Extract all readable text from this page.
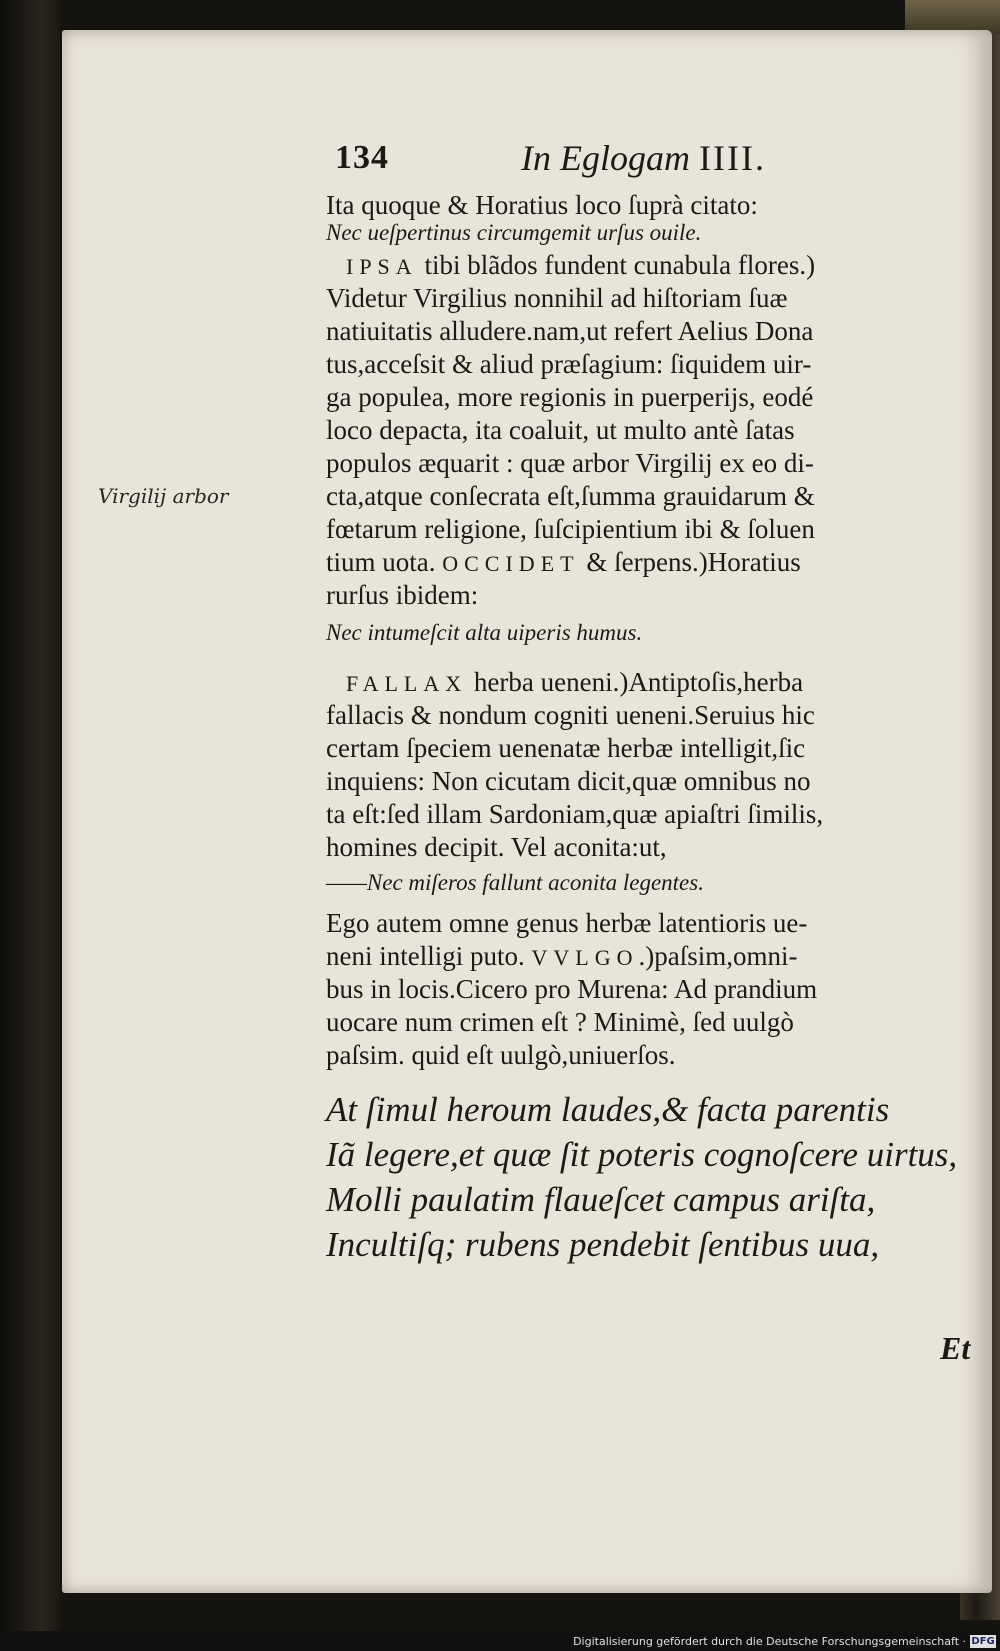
134	In Eglogam IIII.
Virgilij arbor
Ita quoque & Horatius loco ſuprà citato:
Nec ueſpertinus circumgemit urſus ouile.
IPSA tibi blãdos fundent cunabula flores.)
Videtur Virgilius nonnihil ad hiſtoriam ſuæ
natiuitatis alludere.nam,ut refert Aelius Dona
tus,acceſsit & aliud præſagium: ſiquidem uir-
ga populea, more regionis in puerperijs, eodé
loco depacta, ita coaluit, ut multo antè ſatas
populos æquarit : quæ arbor Virgilij ex eo di-
cta,atque conſecrata eſt,ſumma grauidarum &
fœtarum religione, ſuſcipientium ibi & ſoluen
tium uota. OCCIDET & ſerpens.)Horatius
rurſus ibidem:
Nec intumeſcit alta uiperis humus.
FALLAX herba ueneni.)Antiptoſis,herba
fallacis & nondum cogniti ueneni.Seruius hic
certam ſpeciem uenenatæ herbæ intelligit,ſic
inquiens: Non cicutam dicit,quæ omnibus no
ta eſt:ſed illam Sardoniam,quæ apiaſtri ſimilis,
homines decipit. Vel aconita:ut,
——Nec miſeros fallunt aconita legentes.
Ego autem omne genus herbæ latentioris ue-
neni intelligi puto. VVLGO.)paſsim,omni-
bus in locis.Cicero pro Murena: Ad prandium
uocare num crimen eſt ? Minimè, ſed uulgò
paſsim. quid eſt uulgò,uniuerſos.
At ſimul heroum laudes,& facta parentis
Iã legere,et quæ ſit poteris cognoſcere uirtus,
Molli paulatim flaueſcet campus ariſta,
Incultiſq; rubens pendebit ſentibus uua,
Et
Digitalisierung gefördert durch die Deutsche Forschungsgemeinschaft · DFG
